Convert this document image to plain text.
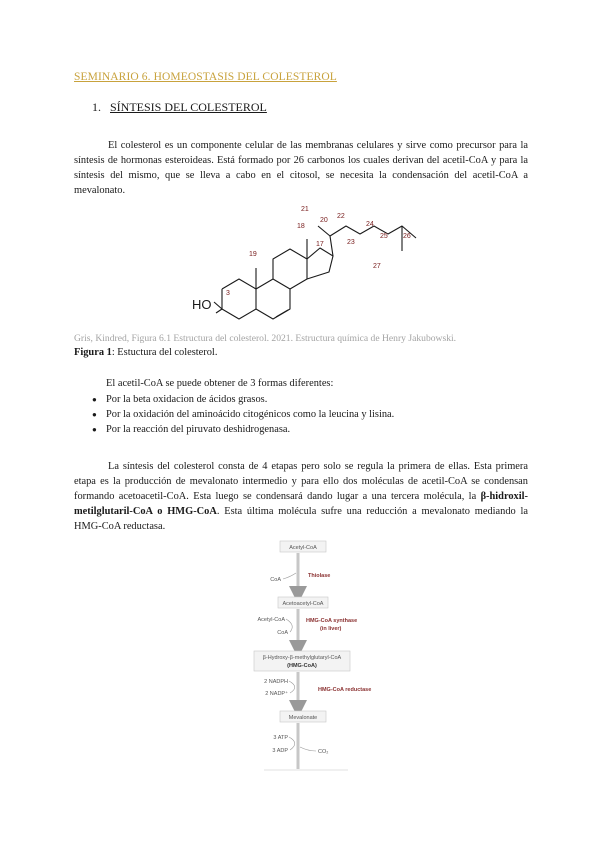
SEMINARIO 6. HOMEOSTASIS DEL COLESTEROL
1. SÍNTESIS DEL COLESTEROL

El colesterol es un componente celular de las membranas celulares y sirve como precursor para la síntesis de hormonas esteroideas. Está formado por 26 carbonos los cuales derivan del acetil-CoA y para la síntesis del mismo, que se lleva a cabo en el citosol, se necesita la condensación del acetil-CoA a mevalonato.

HO
3
19
18
17
20
21
22
23
24
25 26
27
Gris, Kindred, Figura 6.1 Estructura del colesterol. 2021. Estructura química de Henry Jakubowski.
Figura 1: Estuctura del colesterol.
El acetil-CoA se puede obtener de 3 formas diferentes:
● Por la beta oxidacion de ácidos grasos.
● Por la oxidación del aminoácido citogénicos como la leucina y lisina.
● Por la reacción del piruvato deshidrogenasa.

La síntesis del colesterol consta de 4 etapas pero solo se regula la primera de ellas. Esta primera etapa es la producción de mevalonato intermedio y para ello dos moléculas de acetil-CoA se condensan formando acetoacetil-CoA. Esta luego se condensará dando lugar a una tercera molécula, la β-hidroxil-metilglutaril-CoA o HMG-CoA. Esta última molécula sufre una reducción a mevalonato mediando la HMG-CoA reductasa.

Acetyl-CoA
CoA
Thiolase
Acetoacetyl-CoA
Acetyl-CoA
CoA
HMG-CoA synthase
(in liver)
β-Hydroxy-β-methylglutaryl-CoA
(HMG-CoA)
2 NADPH
2 NADP⁺
HMG-CoA reductase
Mevalonate
3 ATP
3 ADP	CO₂
